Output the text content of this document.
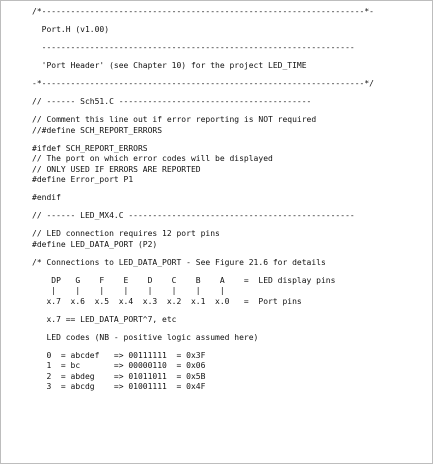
/*-------------------------------------------------------------------*-
Port.H (v1.00)
-----------------------------------------------------------------
'Port Header' (see Chapter 10) for the project LED_TIME
-*-------------------------------------------------------------------*/
// ------ Sch51.C ----------------------------------------
// Comment this line out if error reporting is NOT required
//#define SCH_REPORT_ERRORS
#ifdef SCH_REPORT_ERRORS
// The port on which error codes will be displayed
// ONLY USED IF ERRORS ARE REPORTED
#define Error_port P1
#endif
// ------ LED_MX4.C -----------------------------------------------
// LED connection requires 12 port pins
#define LED_DATA_PORT (P2)
/* Connections to LED_DATA_PORT - See Figure 21.6 for details
DP   G    F    E    D    C    B    A    =  LED display pins
|    |    |    |    |    |    |    |
x.7  x.6  x.5  x.4  x.3  x.2  x.1  x.0   =  Port pins
x.7 == LED_DATA_PORT^7, etc
LED codes (NB - positive logic assumed here)
0  = abcdef   => 00111111  = 0x3F
1  = bc       => 00000110  = 0x06
2  = abdeg    => 01011011  = 0x5B
3  = abcdg    => 01001111  = 0x4F
